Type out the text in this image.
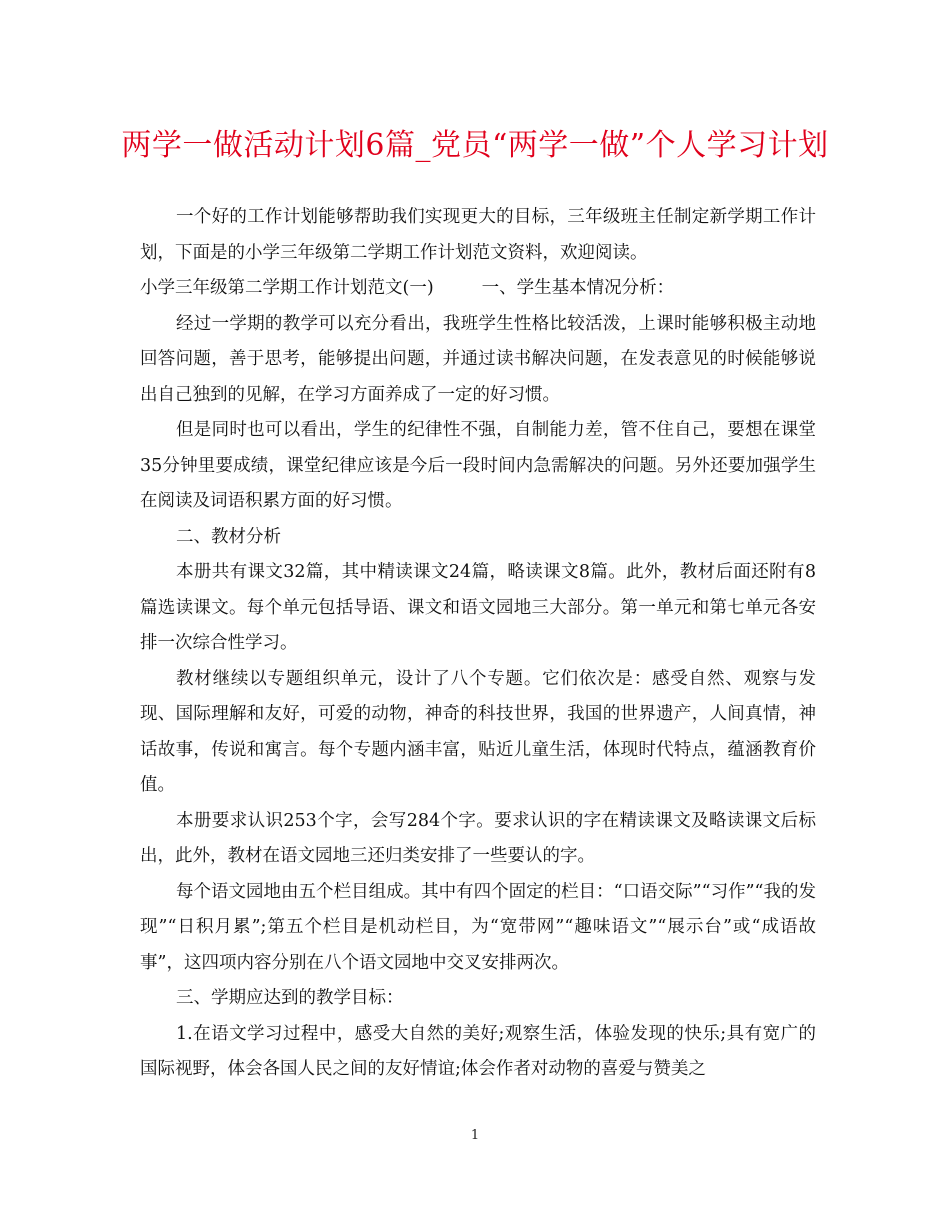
两学一做活动计划6篇_党员“两学一做”个人学习计划

一个好的工作计划能够帮助我们实现更大的目标，三年级班主任制定新学期工作计划，下面是的小学三年级第二学期工作计划范文资料，欢迎阅读。

小学三年级第二学期工作计划范文(一)	一、学生基本情况分析：

经过一学期的教学可以充分看出，我班学生性格比较活泼，上课时能够积极主动地回答问题，善于思考，能够提出问题，并通过读书解决问题，在发表意见的时候能够说出自己独到的见解，在学习方面养成了一定的好习惯。

但是同时也可以看出，学生的纪律性不强，自制能力差，管不住自己，要想在课堂35分钟里要成绩，课堂纪律应该是今后一段时间内急需解决的问题。另外还要加强学生在阅读及词语积累方面的好习惯。

二、教材分析

本册共有课文32篇，其中精读课文24篇，略读课文8篇。此外，教材后面还附有8篇选读课文。每个单元包括导语、课文和语文园地三大部分。第一单元和第七单元各安排一次综合性学习。

教材继续以专题组织单元，设计了八个专题。它们依次是：感受自然、观察与发现、国际理解和友好，可爱的动物，神奇的科技世界，我国的世界遗产，人间真情，神话故事，传说和寓言。每个专题内涵丰富，贴近儿童生活，体现时代特点，蕴涵教育价值。

本册要求认识253个字，会写284个字。要求认识的字在精读课文及略读课文后标出，此外，教材在语文园地三还归类安排了一些要认的字。

每个语文园地由五个栏目组成。其中有四个固定的栏目：“口语交际”“习作”“我的发现”“日积月累”;第五个栏目是机动栏目，为“宽带网”“趣味语文”“展示台”或“成语故事”，这四项内容分别在八个语文园地中交叉安排两次。

三、学期应达到的教学目标：

1.在语文学习过程中，感受大自然的美好;观察生活，体验发现的快乐;具有宽广的国际视野，体会各国人民之间的友好情谊;体会作者对动物的喜爱与赞美之

1
